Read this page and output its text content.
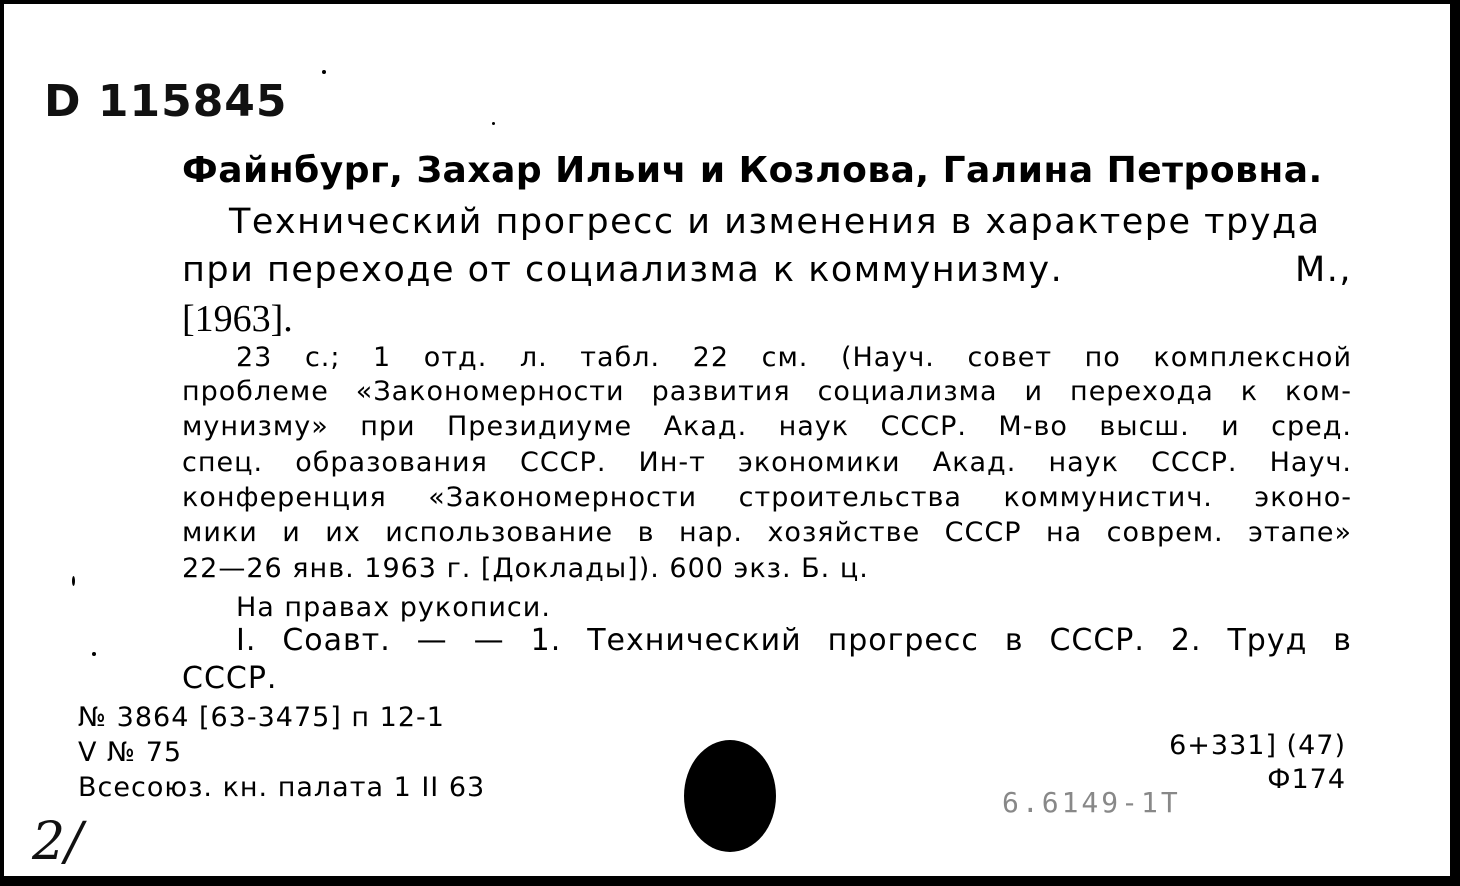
D 115845
Файнбург, Захар Ильич и Козлова, Галина Петровна.
Технический прогресс и изменения в характере труда
при переходе от социализма к коммунизму.	М.,
[1963].
23 с.; 1 отд. л. табл. 22 см. (Науч. совет по комплексной
проблеме «Закономерности развития социализма и перехода к ком-
мунизму» при Президиуме Акад. наук СССР. М-во высш. и сред.
спец. образования СССР. Ин-т экономики Акад. наук СССР. Науч.
конференция «Закономерности строительства коммунистич. эконо-
мики и их использование в нар. хозяйстве СССР на соврем. этапе»
22—26 янв. 1963 г. [Доклады]). 600 экз. Б. ц.
На правах рукописи.
I. Соавт. — — 1. Технический прогресс в СССР. 2. Труд в
СССР.
№ 3864 [63-3475] п 12-1
V № 75
Всесоюз. кн. палата 1 II 63
6+331] (47)
Ф174
6.6149-1Т
2/
